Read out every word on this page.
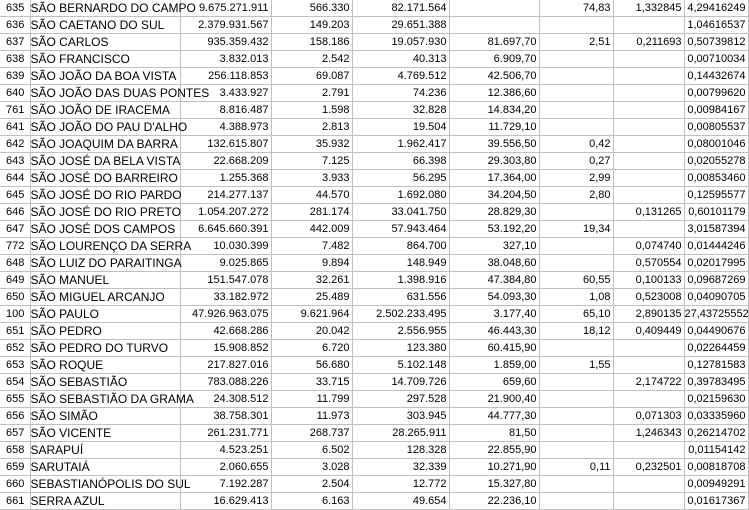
635	SÃO BERNARDO DO CAMPO	9.675.271.911	566.330	82.171.564		74,83	1,332845	4,29416249
636	SÃO CAETANO DO SUL	2.379.931.567	149.203	29.651.388				1,04616537
637	SÃO CARLOS	935.359.432	158.186	19.057.930	81.697,70	2,51	0,211693	0,50739812
638	SÃO FRANCISCO	3.832.013	2.542	40.313	6.909,70			0,00710034
639	SÃO JOÃO DA BOA VISTA	256.118.853	69.087	4.769.512	42.506,70			0,14432674
640	SÃO JOÃO DAS DUAS PONTES	3.433.927	2.791	74.236	12.386,60			0,00799620
761	SÃO JOÃO DE IRACEMA	8.816.487	1.598	32.828	14.834,20			0,00984167
641	SÃO JOÃO DO PAU D'ALHO	4.388.973	2.813	19.504	11.729,10			0,00805537
642	SÃO JOAQUIM DA BARRA	132.615.807	35.932	1.962.417	39.556,50	0,42		0,08001046
643	SÃO JOSÉ DA BELA VISTA	22.668.209	7.125	66.398	29.303,80	0,27		0,02055278
644	SÃO JOSÉ DO BARREIRO	1.255.368	3.933	56.295	17.364,00	2,99		0,00853460
645	SÃO JOSÉ DO RIO PARDO	214.277.137	44.570	1.692.080	34.204,50	2,80		0,12595577
646	SÃO JOSÉ DO RIO PRETO	1.054.207.272	281.174	33.041.750	28.829,30		0,131265	0,60101179
647	SÃO JOSÉ DOS CAMPOS	6.645.660.391	442.009	57.943.464	53.192,20	19,34		3,01587394
772	SÃO LOURENÇO DA SERRA	10.030.399	7.482	864.700	327,10		0,074740	0,01444246
648	SÃO LUIZ DO PARAITINGA	9.025.865	9.894	148.949	38.048,60		0,570554	0,02017995
649	SÃO MANUEL	151.547.078	32.261	1.398.916	47.384,80	60,55	0,100133	0,09687269
650	SÃO MIGUEL ARCANJO	33.182.972	25.489	631.556	54.093,30	1,08	0,523008	0,04090705
100	SÃO PAULO	47.926.963.075	9.621.964	2.502.233.495	3.177,40	65,10	2,890135	27,43725552
651	SÃO PEDRO	42.668.286	20.042	2.556.955	46.443,30	18,12	0,409449	0,04490676
652	SÃO PEDRO DO TURVO	15.908.852	6.720	123.380	60.415,90			0,02264459
653	SÃO ROQUE	217.827.016	56.680	5.102.148	1.859,00	1,55		0,12781583
654	SÃO SEBASTIÃO	783.088.226	33.715	14.709.726	659,60		2,174722	0,39783495
655	SÃO SEBASTIÃO DA GRAMA	24.308.512	11.799	297.528	21.900,40			0,02159630
656	SÃO SIMÃO	38.758.301	11.973	303.945	44.777,30		0,071303	0,03335960
657	SÃO VICENTE	261.231.771	268.737	28.265.911	81,50		1,246343	0,26214702
658	SARAPUÍ	4.523.251	6.502	128.328	22.855,90			0,01154142
659	SARUTAIÁ	2.060.655	3.028	32.339	10.271,90	0,11	0,232501	0,00818708
660	SEBASTIANÓPOLIS DO SUL	7.192.287	2.504	12.772	15.327,80			0,00949291
661	SERRA AZUL	16.629.413	6.163	49.654	22.236,10			0,01617367
